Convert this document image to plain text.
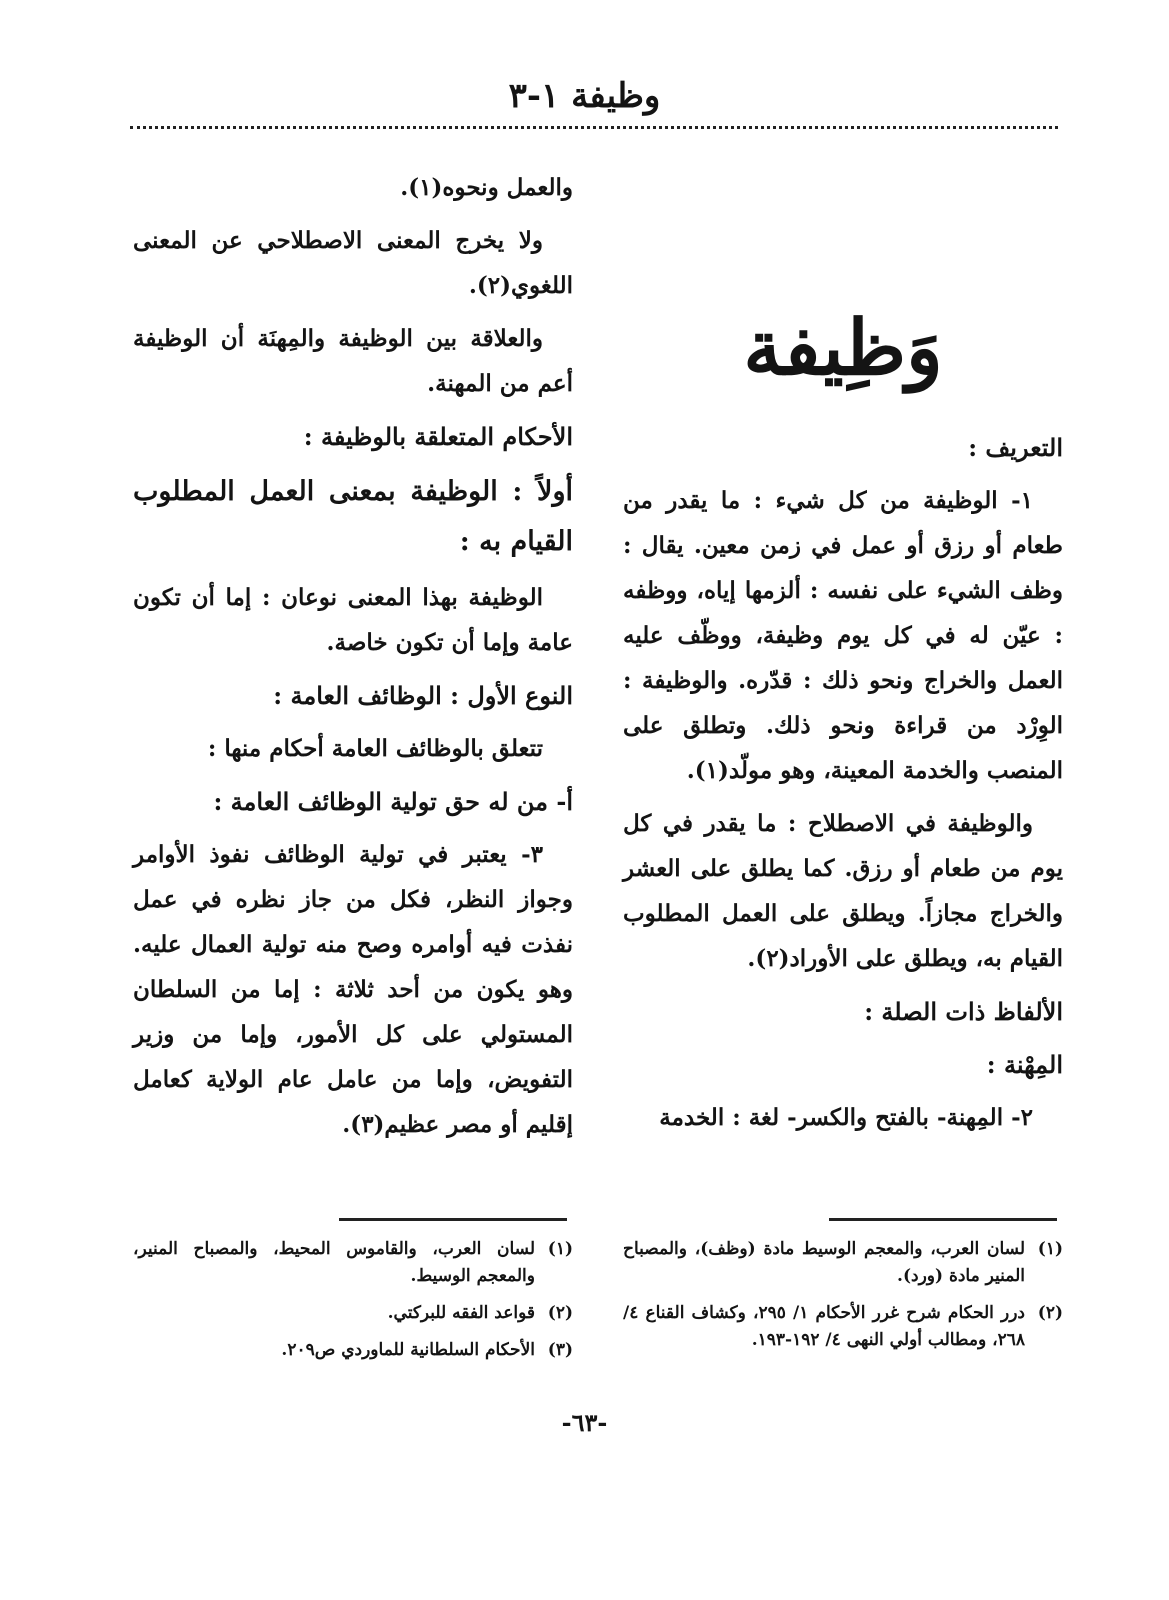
وظيفة ١-٣
وَظِيفة
التعريف :

١- الوظيفة من كل شيء : ما يقدر من طعام أو رزق أو عمل في زمن معين. يقال : وظف الشيء على نفسه : ألزمها إياه، ووظفه : عيّن له في كل يوم وظيفة، ووظّف عليه العمل والخراج ونحو ذلك : قدّره. والوظيفة : الوِرْد من قراءة ونحو ذلك. وتطلق على المنصب والخدمة المعينة، وهو مولّد(١).

والوظيفة في الاصطلاح : ما يقدر في كل يوم من طعام أو رزق. كما يطلق على العشر والخراج مجازاً. ويطلق على العمل المطلوب القيام به، ويطلق على الأوراد(٢).

الألفاظ ذات الصلة :
المِهْنة :

٢- المِهنة- بالفتح والكسر- لغة : الخدمة

والعمل ونحوه(١).

ولا يخرج المعنى الاصطلاحي عن المعنى اللغوي(٢).

والعلاقة بين الوظيفة والمِهنَة أن الوظيفة أعم من المهنة.

الأحكام المتعلقة بالوظيفة :
أولاً : الوظيفة بمعنى العمل المطلوب القيام به :

الوظيفة بهذا المعنى نوعان : إما أن تكون عامة وإما أن تكون خاصة.

النوع الأول : الوظائف العامة :

تتعلق بالوظائف العامة أحكام منها :

أ- من له حق تولية الوظائف العامة :

٣- يعتبر في تولية الوظائف نفوذ الأوامر وجواز النظر، فكل من جاز نظره في عمل نفذت فيه أوامره وصح منه تولية العمال عليه. وهو يكون من أحد ثلاثة : إما من السلطان المستولي على كل الأمور، وإما من وزير التفويض، وإما من عامل عام الولاية كعامل إقليم أو مصر عظيم(٣).

(١)
لسان العرب، والمعجم الوسيط مادة (وظف)، والمصباح المنير مادة (ورد).
(٢)
درر الحكام شرح غرر الأحكام ١/ ٢٩٥، وكشاف القناع ٤/ ٢٦٨، ومطالب أولي النهى ٤/ ١٩٢-١٩٣.
(١)
لسان العرب، والقاموس المحيط، والمصباح المنير، والمعجم الوسيط.
(٢)
قواعد الفقه للبركتي.
(٣)
الأحكام السلطانية للماوردي ص٢٠٩.
-٦٣-
